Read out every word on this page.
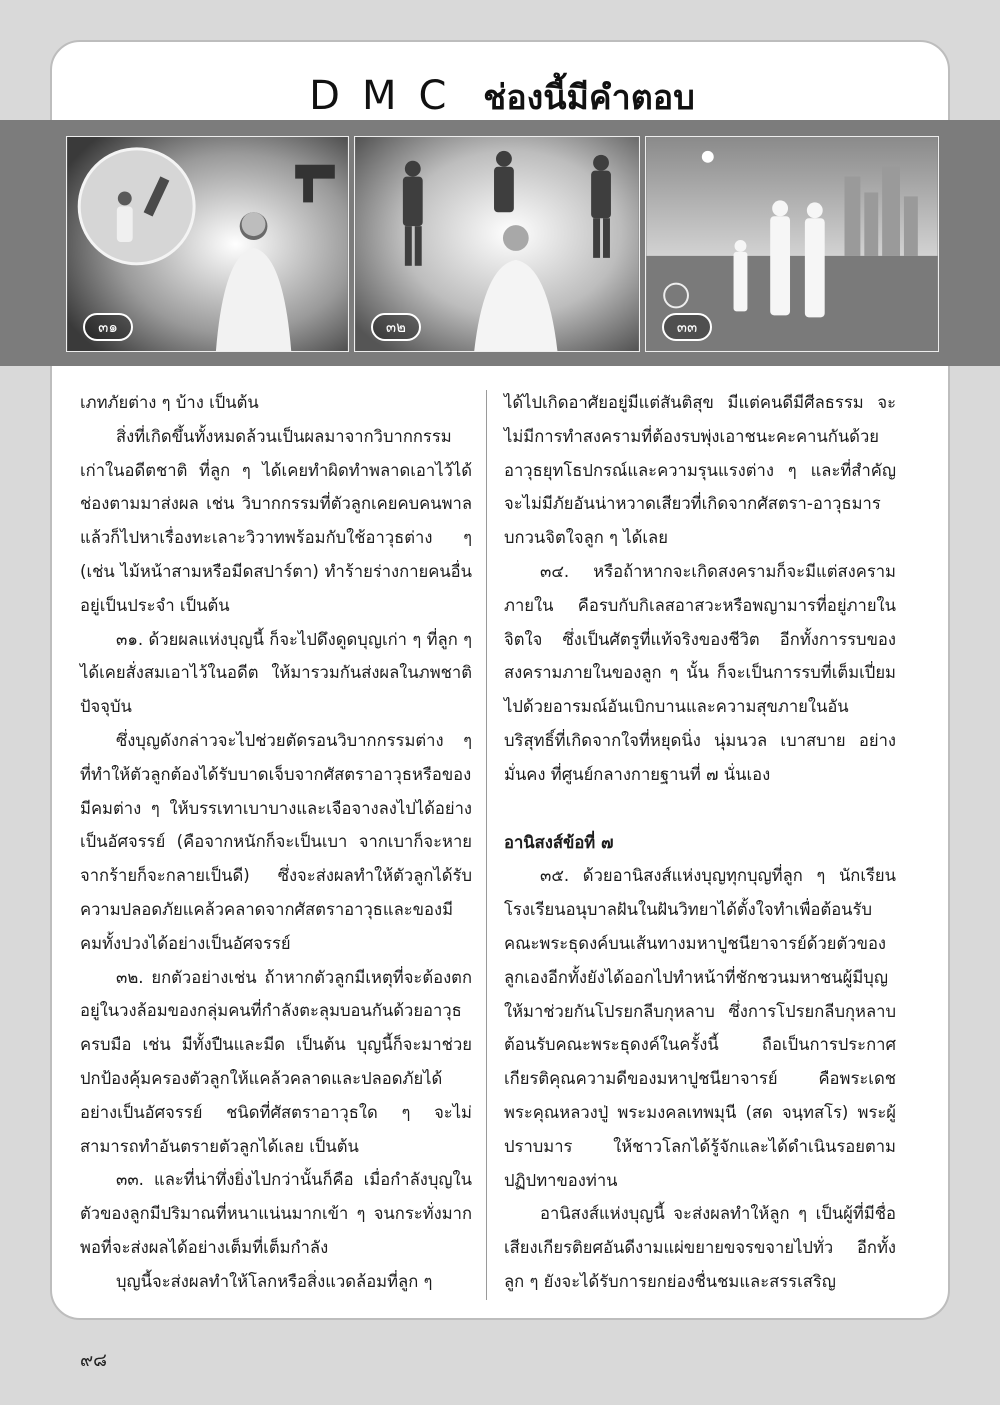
DMC ช่องนี้มีคำตอบ
๓๑	๓๒	๓๓

เภทภัยต่าง ๆ บ้าง เป็นต้น

สิ่งที่เกิดขึ้นทั้งหมดล้วนเป็นผลมาจากวิบากกรรมเก่าในอดีตชาติ ที่ลูก ๆ ได้เคยทำผิดทำพลาดเอาไว้ได้ช่องตามมาส่งผล เช่น วิบากกรรมที่ตัวลูกเคยคบคนพาล แล้วก็ไปหาเรื่องทะเลาะวิวาทพร้อมกับใช้อาวุธต่าง ๆ (เช่น ไม้หน้าสามหรือมีดสปาร์ตา) ทำร้ายร่างกายคนอื่นอยู่เป็นประจำ เป็นต้น

๓๑. ด้วยผลแห่งบุญนี้ ก็จะไปดึงดูดบุญเก่า ๆ ที่ลูก ๆ ได้เคยสั่งสมเอาไว้ในอดีต ให้มารวมกันส่งผลในภพชาติปัจจุบัน

ซึ่งบุญดังกล่าวจะไปช่วยตัดรอนวิบากกรรมต่าง ๆ ที่ทำให้ตัวลูกต้องได้รับบาดเจ็บจากศัสตราอาวุธหรือของมีคมต่าง ๆ ให้บรรเทาเบาบางและเจือจางลงไปได้อย่างเป็นอัศจรรย์ (คือจากหนักก็จะเป็นเบา จากเบาก็จะหาย จากร้ายก็จะกลายเป็นดี) ซึ่งจะส่งผลทำให้ตัวลูกได้รับความปลอดภัยแคล้วคลาดจากศัสตราอาวุธและของมีคมทั้งปวงได้อย่างเป็นอัศจรรย์

๓๒. ยกตัวอย่างเช่น ถ้าหากตัวลูกมีเหตุที่จะต้องตกอยู่ในวงล้อมของกลุ่มคนที่กำลังตะลุมบอนกันด้วยอาวุธครบมือ เช่น มีทั้งปืนและมีด เป็นต้น บุญนี้ก็จะมาช่วยปกป้องคุ้มครองตัวลูกให้แคล้วคลาดและปลอดภัยได้อย่างเป็นอัศจรรย์ ชนิดที่ศัสตราอาวุธใด ๆ จะไม่สามารถทำอันตรายตัวลูกได้เลย เป็นต้น

๓๓. และที่น่าทึ่งยิ่งไปกว่านั้นก็คือ เมื่อกำลังบุญในตัวของลูกมีปริมาณที่หนาแน่นมากเข้า ๆ จนกระทั่งมากพอที่จะส่งผลได้อย่างเต็มที่เต็มกำลัง

บุญนี้จะส่งผลทำให้โลกหรือสิ่งแวดล้อมที่ลูก ๆ

ได้ไปเกิดอาศัยอยู่มีแต่สันติสุข มีแต่คนดีมีศีลธรรม จะไม่มีการทำสงครามที่ต้องรบพุ่งเอาชนะคะคานกันด้วยอาวุธยุทโธปกรณ์และความรุนแรงต่าง ๆ และที่สำคัญจะไม่มีภัยอันน่าหวาดเสียวที่เกิดจากศัสตรา-อาวุธมารบกวนจิตใจลูก ๆ ได้เลย

๓๔. หรือถ้าหากจะเกิดสงครามก็จะมีแต่สงครามภายใน คือรบกับกิเลสอาสวะหรือพญามารที่อยู่ภายในจิตใจ ซึ่งเป็นศัตรูที่แท้จริงของชีวิต อีกทั้งการรบของสงครามภายในของลูก ๆ นั้น ก็จะเป็นการรบที่เต็มเปี่ยมไปด้วยอารมณ์อันเบิกบานและความสุขภายในอันบริสุทธิ์ที่เกิดจากใจที่หยุดนิ่ง นุ่มนวล เบาสบาย อย่างมั่นคง ที่ศูนย์กลางกายฐานที่ ๗ นั่นเอง

อานิสงส์ข้อที่ ๗

๓๕. ด้วยอานิสงส์แห่งบุญทุกบุญที่ลูก ๆ นักเรียนโรงเรียนอนุบาลฝันในฝันวิทยาได้ตั้งใจทำเพื่อต้อนรับคณะพระธุดงค์บนเส้นทางมหาปูชนียาจารย์ด้วยตัวของลูกเองอีกทั้งยังได้ออกไปทำหน้าที่ชักชวนมหาชนผู้มีบุญให้มาช่วยกันโปรยกลีบกุหลาบ ซึ่งการโปรยกลีบกุหลาบต้อนรับคณะพระธุดงค์ในครั้งนี้ ถือเป็นการประกาศเกียรติคุณความดีของมหาปูชนียาจารย์ คือพระเดชพระคุณหลวงปู่ พระมงคลเทพมุนี (สด จนฺทสโร) พระผู้ปราบมาร ให้ชาวโลกได้รู้จักและได้ดำเนินรอยตามปฏิปทาของท่าน

อานิสงส์แห่งบุญนี้ จะส่งผลทำให้ลูก ๆ เป็นผู้ที่มีชื่อเสียงเกียรติยศอันดีงามแผ่ขยายขจรขจายไปทั่ว อีกทั้งลูก ๆ ยังจะได้รับการยกย่องชื่นชมและสรรเสริญ

๙๘
